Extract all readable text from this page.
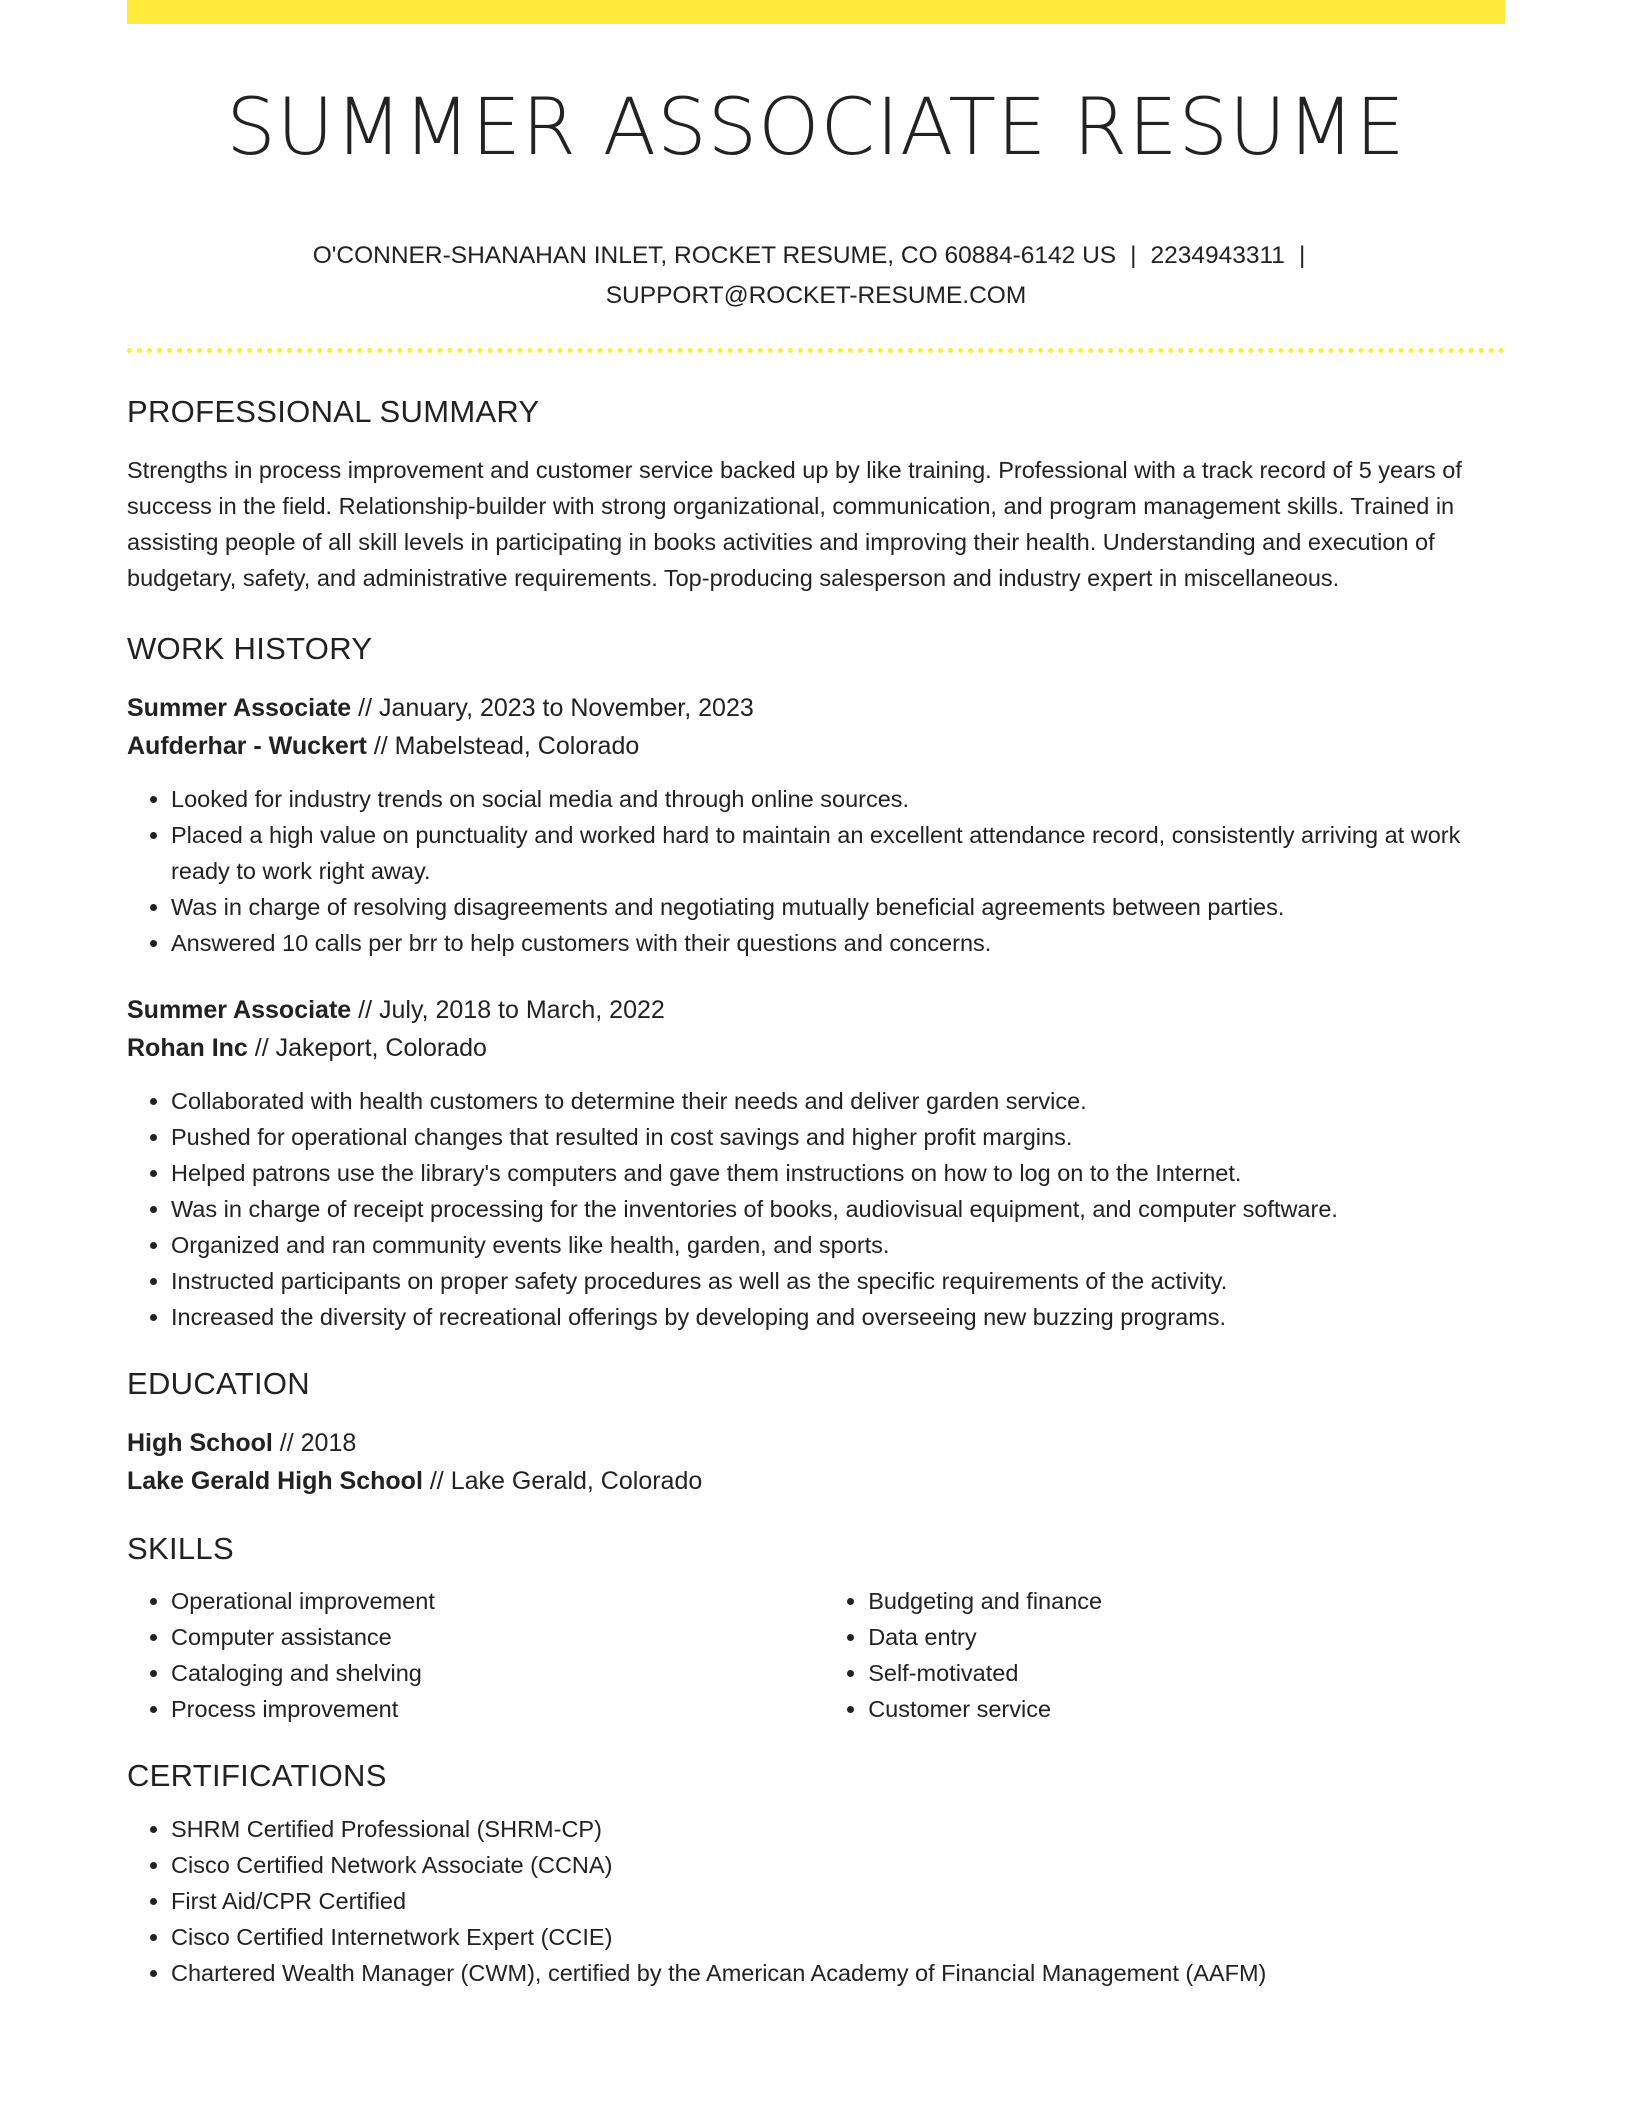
SUMMER ASSOCIATE RESUME
O'CONNER-SHANAHAN INLET, ROCKET RESUME, CO 60884-6142 US | 2234943311 |
SUPPORT@ROCKET-RESUME.COM
PROFESSIONAL SUMMARY
Strengths in process improvement and customer service backed up by like training. Professional with a track record of 5 years of success in the field. Relationship-builder with strong organizational, communication, and program management skills. Trained in assisting people of all skill levels in participating in books activities and improving their health. Understanding and execution of budgetary, safety, and administrative requirements. Top-producing salesperson and industry expert in miscellaneous.
WORK HISTORY
Summer Associate // January, 2023 to November, 2023
Aufderhar - Wuckert // Mabelstead, Colorado
• Looked for industry trends on social media and through online sources.
• Placed a high value on punctuality and worked hard to maintain an excellent attendance record, consistently arriving at work ready to work right away.
• Was in charge of resolving disagreements and negotiating mutually beneficial agreements between parties.
• Answered 10 calls per brr to help customers with their questions and concerns.
Summer Associate // July, 2018 to March, 2022
Rohan Inc // Jakeport, Colorado
• Collaborated with health customers to determine their needs and deliver garden service.
• Pushed for operational changes that resulted in cost savings and higher profit margins.
• Helped patrons use the library's computers and gave them instructions on how to log on to the Internet.
• Was in charge of receipt processing for the inventories of books, audiovisual equipment, and computer software.
• Organized and ran community events like health, garden, and sports.
• Instructed participants on proper safety procedures as well as the specific requirements of the activity.
• Increased the diversity of recreational offerings by developing and overseeing new buzzing programs.
EDUCATION
High School // 2018
Lake Gerald High School // Lake Gerald, Colorado
SKILLS
• Operational improvement
• Computer assistance
• Cataloging and shelving
• Process improvement
• Budgeting and finance
• Data entry
• Self-motivated
• Customer service
CERTIFICATIONS
• SHRM Certified Professional (SHRM-CP)
• Cisco Certified Network Associate (CCNA)
• First Aid/CPR Certified
• Cisco Certified Internetwork Expert (CCIE)
• Chartered Wealth Manager (CWM), certified by the American Academy of Financial Management (AAFM)
